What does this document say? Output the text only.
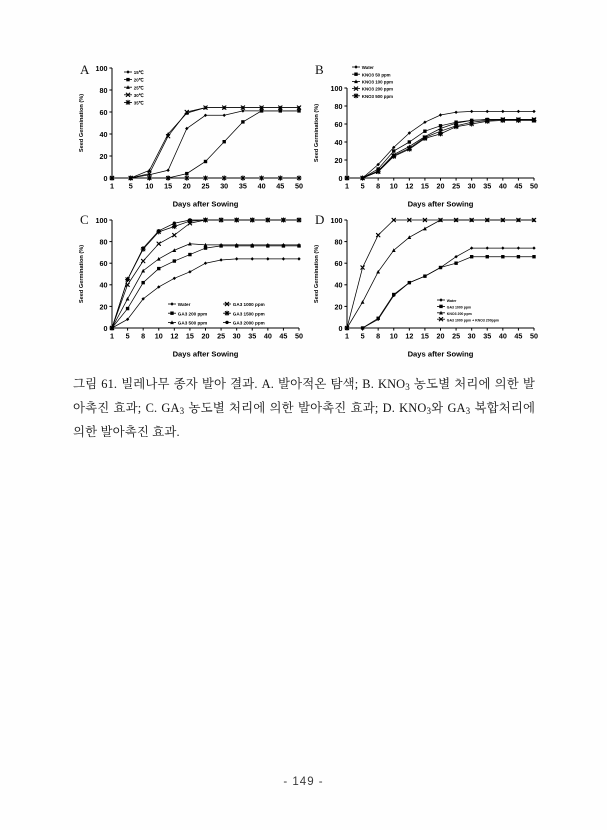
A
0
20
40
60
80
100
1 5 10 15 20 25 30 35 40 45 50
Days after Sowing
Seed Germination (%)
15℃
20℃
25℃
30℃
35℃
B
0
20
40
60
80
100
1 5 8 10 12 15 20 25 30 35 40 45 50
Days after Sowing
Seed Germination (%)
Water
KNO3 50 ppm
KNO3 100 ppm
KNO3 200 ppm
KNO3 500 ppm
C
0
20
40
60
80
100
1 5 8 10 12 15 20 25 30 35 40 45 50
Days after Sowing
Seed Germination (%)
Water
GA3 200 ppm
GA3 500 ppm
GA3 1000 ppm
GA3 1500 ppm
GA3 2000 ppm
D
0
20
40
60
80
100
1 5 8 10 12 15 20 25 30 35 40 45 50
Days after Sowing
Seed Germination (%)	Water
GA3 1000 ppm
KNO3 200 ppm
GA3 1000 ppm + KNO3 200ppm
그림 61. 빌레나무 종자 발아 결과. A. 발아적온 탐색; B. $KNO_3$ 농도별 처리에 의한 발아촉진 효과; C. $GA_3$ 농도별 처리에 의한 발아촉진 효과; D. $KNO_3$와 $GA_3$ 복합처리에 의한 발아촉진 효과.
- 149 -
